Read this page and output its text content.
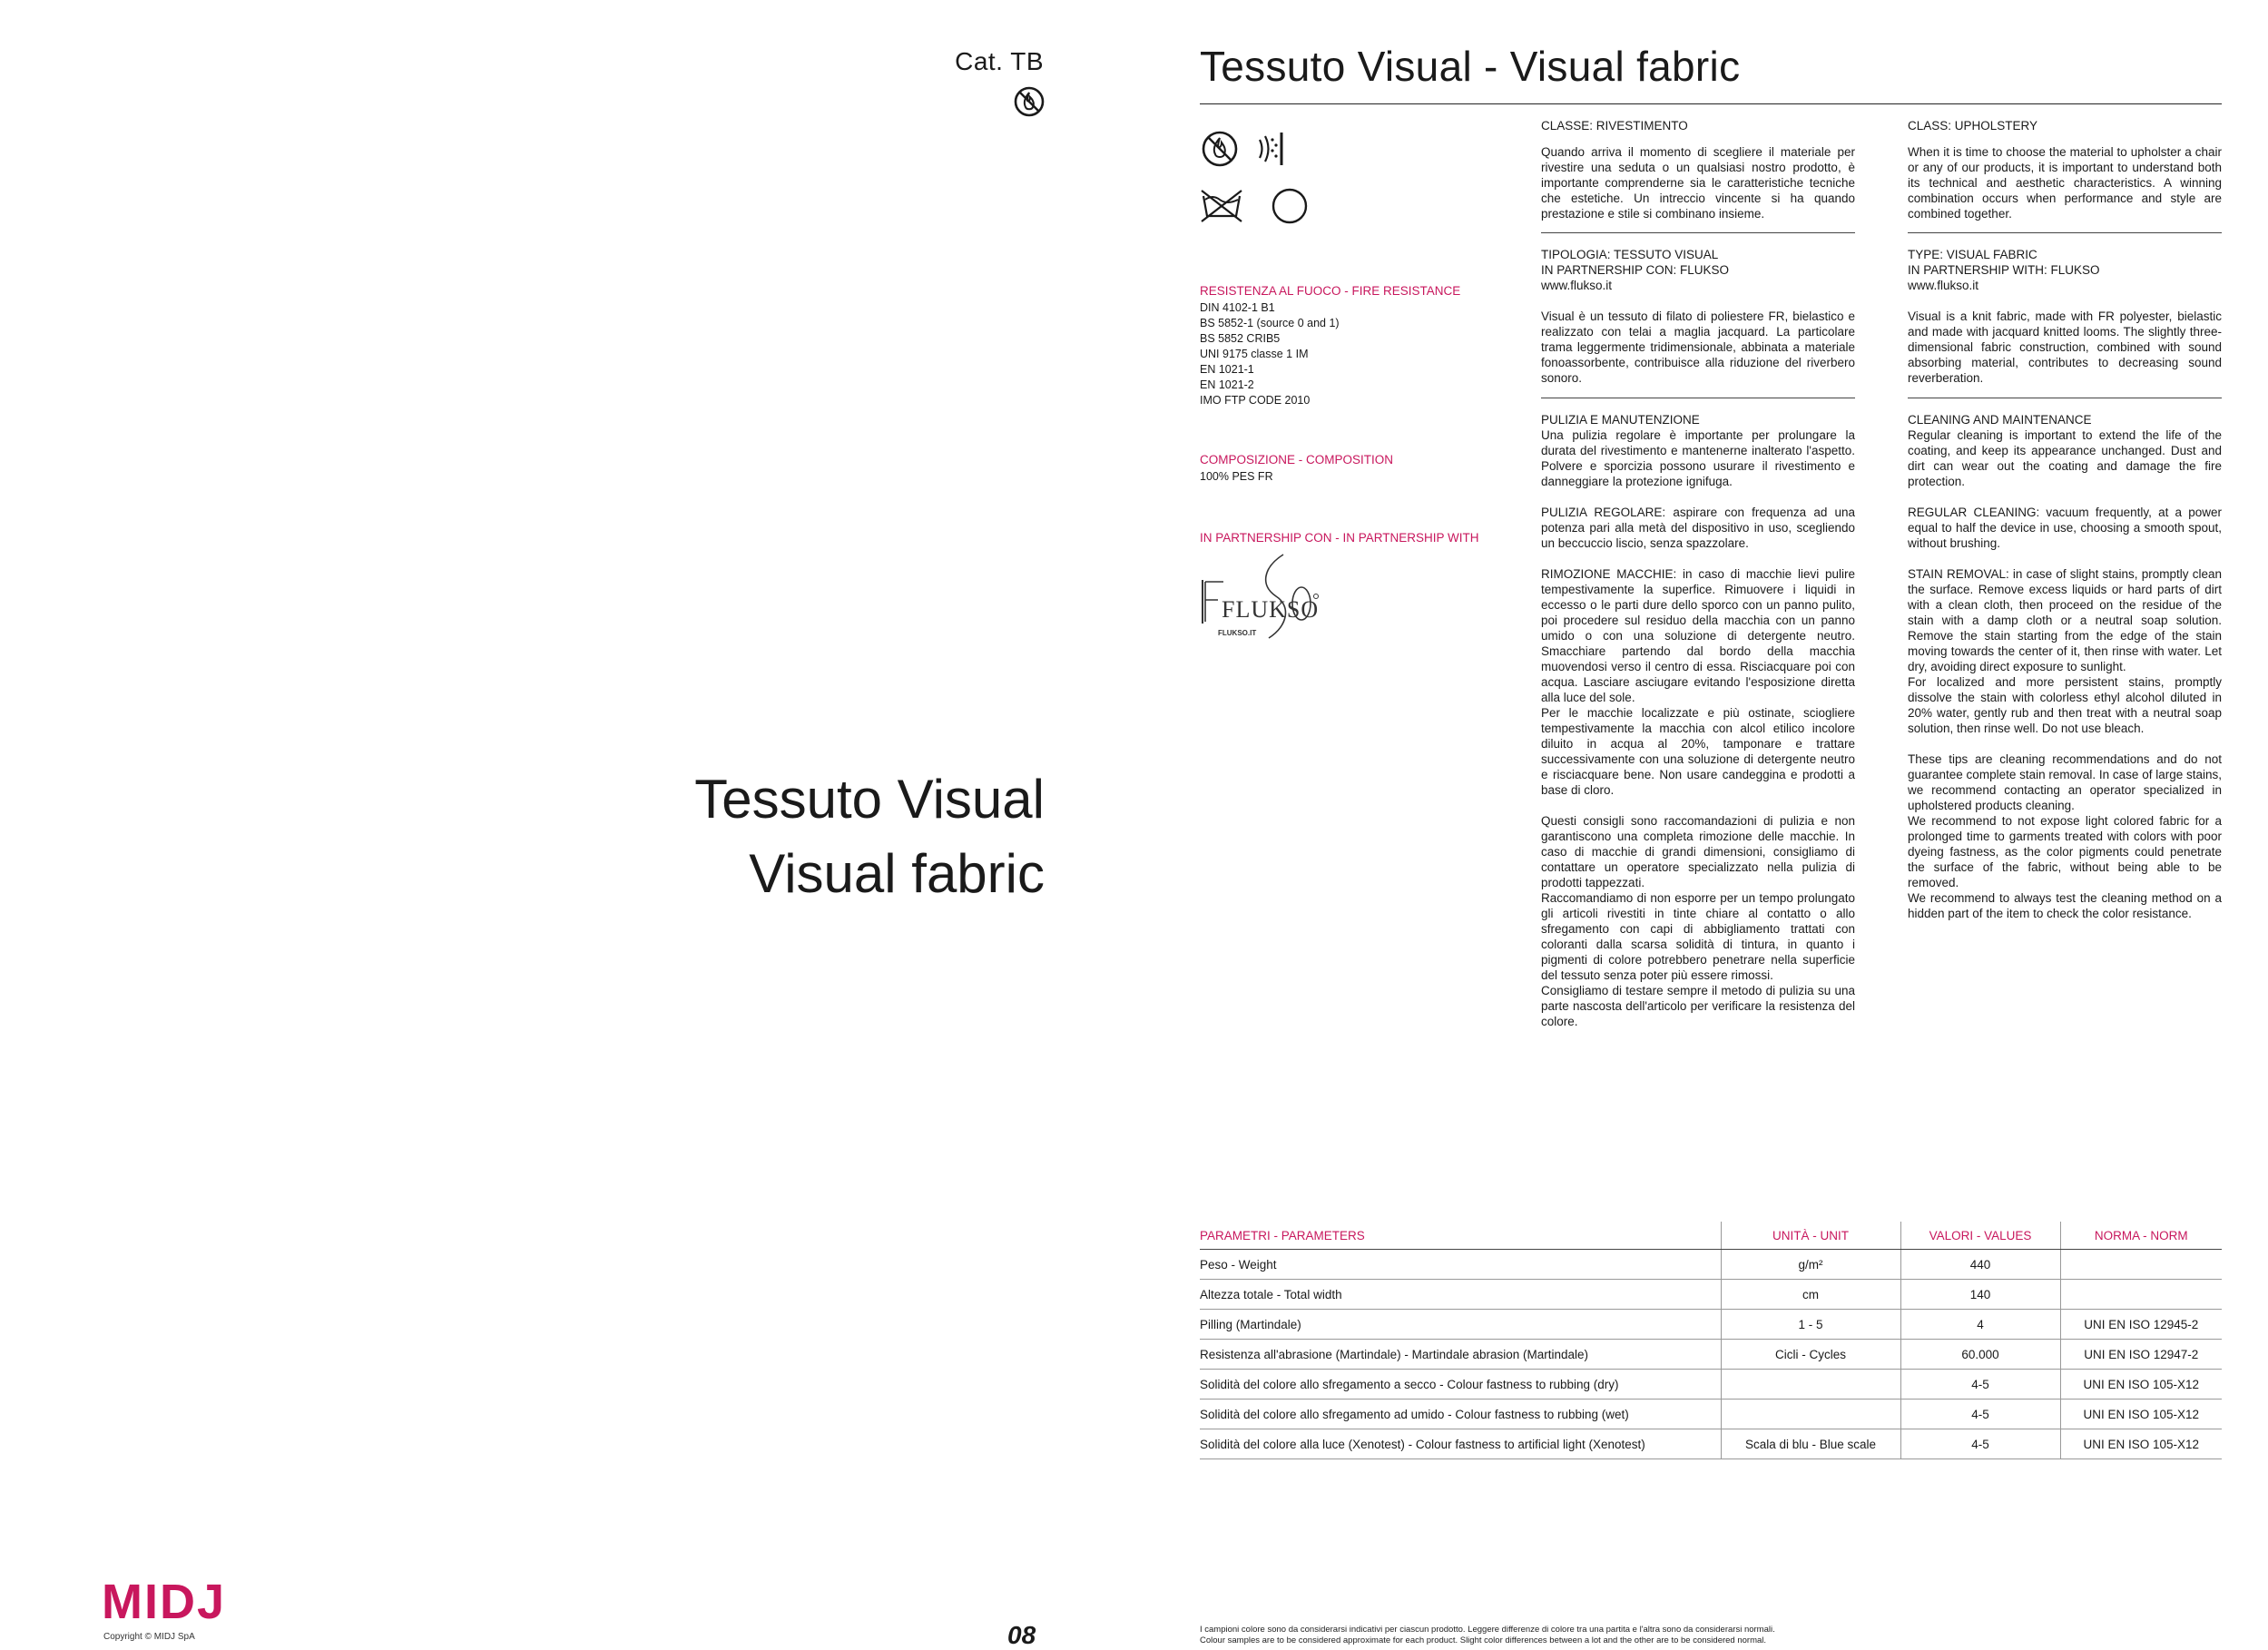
Cat. TB
Tessuto Visual
Visual fabric
MIDJ
Copyright © MIDJ SpA	08
Tessuto Visual - Visual fabric
RESISTENZA AL FUOCO - FIRE RESISTANCE
DIN 4102-1 B1
BS 5852-1 (source 0 and 1)
BS 5852 CRIB5
UNI 9175 classe 1 IM
EN 1021-1
EN 1021-2
IMO FTP CODE 2010
COMPOSIZIONE - COMPOSITION
100% PES FR
IN PARTNERSHIP CON - IN PARTNERSHIP WITH
FLUKSO
FLUKSO.IT
CLASSE: RIVESTIMENTO

Quando arriva il momento di scegliere il materiale per rivestire una seduta o un qualsiasi nostro prodotto, è importante comprenderne sia le caratteristiche tecniche che estetiche. Un intreccio vincente si ha quando prestazione e stile si combinano insieme.

CLASS: UPHOLSTERY

When it is time to choose the material to upholster a chair or any of our products, it is important to understand both its technical and aesthetic characteristics. A winning combination occurs when performance and style are combined together.

TIPOLOGIA: TESSUTO VISUAL
IN PARTNERSHIP CON: FLUKSO
www.flukso.it

Visual è un tessuto di filato di poliestere FR, bielastico e realizzato con telai a maglia jacquard. La particolare trama leggermente tridimensionale, abbinata a materiale fonoassorbente, contribuisce alla riduzione del riverbero sonoro.

TYPE: VISUAL FABRIC
IN PARTNERSHIP WITH: FLUKSO
www.flukso.it

Visual is a knit fabric, made with FR polyester, bielastic and made with jacquard knitted looms. The slightly three-dimensional fabric construction, combined with sound absorbing material, contributes to decreasing sound reverberation.

PULIZIA E MANUTENZIONE

Una pulizia regolare è importante per prolungare la durata del rivestimento e mantenerne inalterato l'aspetto. Polvere e sporcizia possono usurare il rivestimento e danneggiare la protezione ignifuga.

PULIZIA REGOLARE: aspirare con frequenza ad una potenza pari alla metà del dispositivo in uso, scegliendo un beccuccio liscio, senza spazzolare.

RIMOZIONE MACCHIE: in caso di macchie lievi pulire tempestivamente la superfice. Rimuovere i liquidi in eccesso o le parti dure dello sporco con un panno pulito, poi procedere sul residuo della macchia con un panno umido o con una soluzione di detergente neutro. Smacchiare partendo dal bordo della macchia muovendosi verso il centro di essa. Risciacquare poi con acqua. Lasciare asciugare evitando l'esposizione diretta alla luce del sole.

Per le macchie localizzate e più ostinate, sciogliere tempestivamente la macchia con alcol etilico incolore diluito in acqua al 20%, tamponare e trattare successivamente con una soluzione di detergente neutro e risciacquare bene. Non usare candeggina e prodotti a base di cloro.

Questi consigli sono raccomandazioni di pulizia e non garantiscono una completa rimozione delle macchie. In caso di macchie di grandi dimensioni, consigliamo di contattare un operatore specializzato nella pulizia di prodotti tappezzati.

Raccomandiamo di non esporre per un tempo prolungato gli articoli rivestiti in tinte chiare al contatto o allo sfregamento con capi di abbigliamento trattati con coloranti dalla scarsa solidità di tintura, in quanto i pigmenti di colore potrebbero penetrare nella superficie del tessuto senza poter più essere rimossi.

Consigliamo di testare sempre il metodo di pulizia su una parte nascosta dell'articolo per verificare la resistenza del colore.

CLEANING AND MAINTENANCE

Regular cleaning is important to extend the life of the coating, and keep its appearance unchanged. Dust and dirt can wear out the coating and damage the fire protection.

REGULAR CLEANING: vacuum frequently, at a power equal to half the device in use, choosing a smooth spout, without brushing.

STAIN REMOVAL: in case of slight stains, promptly clean the surface. Remove excess liquids or hard parts of dirt with a clean cloth, then proceed on the residue of the stain with a damp cloth or a neutral soap solution. Remove the stain starting from the edge of the stain moving towards the center of it, then rinse with water. Let dry, avoiding direct exposure to sunlight.

For localized and more persistent stains, promptly dissolve the stain with colorless ethyl alcohol diluted in 20% water, gently rub and then treat with a neutral soap solution, then rinse well. Do not use bleach.

These tips are cleaning recommendations and do not guarantee complete stain removal. In case of large stains, we recommend contacting an operator specialized in upholstered products cleaning.

We recommend to not expose light colored fabric for a prolonged time to garments treated with colors with poor dyeing fastness, as the color pigments could penetrate the surface of the fabric, without being able to be removed.

We recommend to always test the cleaning method on a hidden part of the item to check the color resistance.

PARAMETRI - PARAMETERS	UNITÀ - UNIT	VALORI - VALUES	NORMA - NORM
Peso - Weight	g/m²	440	
Altezza totale - Total width	cm	140	
Pilling (Martindale)	1 - 5	4	UNI EN ISO 12945-2
Resistenza all'abrasione (Martindale) - Martindale abrasion (Martindale)	Cicli - Cycles	60.000	UNI EN ISO 12947-2
Solidità del colore allo sfregamento a secco - Colour fastness to rubbing (dry)		4-5	UNI EN ISO 105-X12
Solidità del colore allo sfregamento ad umido - Colour fastness to rubbing (wet)		4-5	UNI EN ISO 105-X12
Solidità del colore alla luce (Xenotest) - Colour fastness to artificial light (Xenotest)	Scala di blu - Blue scale	4-5	UNI EN ISO 105-X12
I campioni colore sono da considerarsi indicativi per ciascun prodotto. Leggere differenze di colore tra una partita e l'altra sono da considerarsi normali.
Colour samples are to be considered approximate for each product. Slight color differences between a lot and the other are to be considered normal.
